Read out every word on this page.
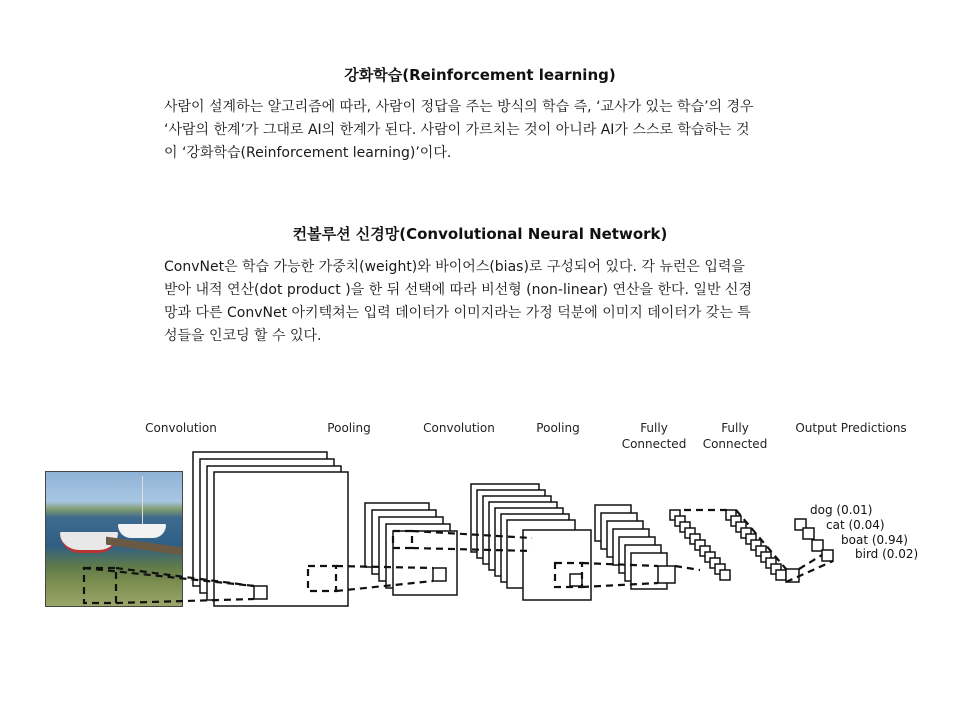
강화학습(Reinforcement learning)

사람이 설계하는 알고리즘에 따라, 사람이 정답을 주는 방식의 학습 즉, ‘교사가 있는 학습’의 경우
‘사람의 한계’가 그대로 AI의 한계가 된다. 사람이 가르치는 것이 아니라 AI가 스스로 학습하는 것
이 ‘강화학습(Reinforcement learning)’이다.

컨볼루션 신경망(Convolutional Neural Network)

ConvNet은 학습 가능한 가중치(weight)와 바이어스(bias)로 구성되어 있다. 각 뉴런은 입력을
받아 내적 연산(dot product )을 한 뒤 선택에 따라 비선형 (non-linear) 연산을 한다. 일반 신경
망과 다른 ConvNet 아키텍쳐는 입력 데이터가 이미지라는 가정 덕분에 이미지 데이터가 갖는 특
성들을 인코딩 할 수 있다.

Convolution	Pooling	Convolution	Pooling	Fully
Connected
Fully
Connected
Output Predictions
dog (0.01)
cat (0.04)
boat (0.94)
bird (0.02)
